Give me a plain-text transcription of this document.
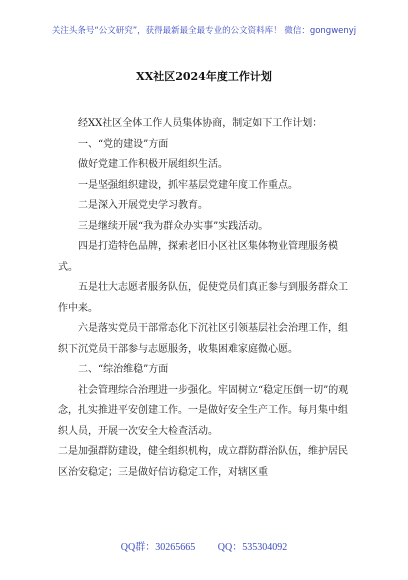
关注头条号“公文研究”，获得最新最全最专业的公文资料库！ 微信：gongwenyj
XX社区2024年度工作计划

经XX社区全体工作人员集体协商，制定如下工作计划：

一、“党的建设”方面

做好党建工作积极开展组织生活。

一是坚强组织建设，抓牢基层党建年度工作重点。

二是深入开展党史学习教育。

三是继续开展“我为群众办实事”实践活动。

四是打造特色品牌，探索老旧小区社区集体物业管理服务模式。

五是壮大志愿者服务队伍，促使党员们真正参与到服务群众工作中来。

六是落实党员干部常态化下沉社区引领基层社会治理工作，组织下沉党员干部参与志愿服务，收集困难家庭微心愿。

二、“综治维稳”方面

社会管理综合治理进一步强化。牢固树立“稳定压倒一切”的观念，扎实推进平安创建工作。一是做好安全生产工作。每月集中组织人员，开展一次安全大检查活动。

二是加强群防建设，健全组织机构，成立群防群治队伍，维护居民区治安稳定；三是做好信访稳定工作，对辖区重

QQ群：30265665 QQ：535304092
